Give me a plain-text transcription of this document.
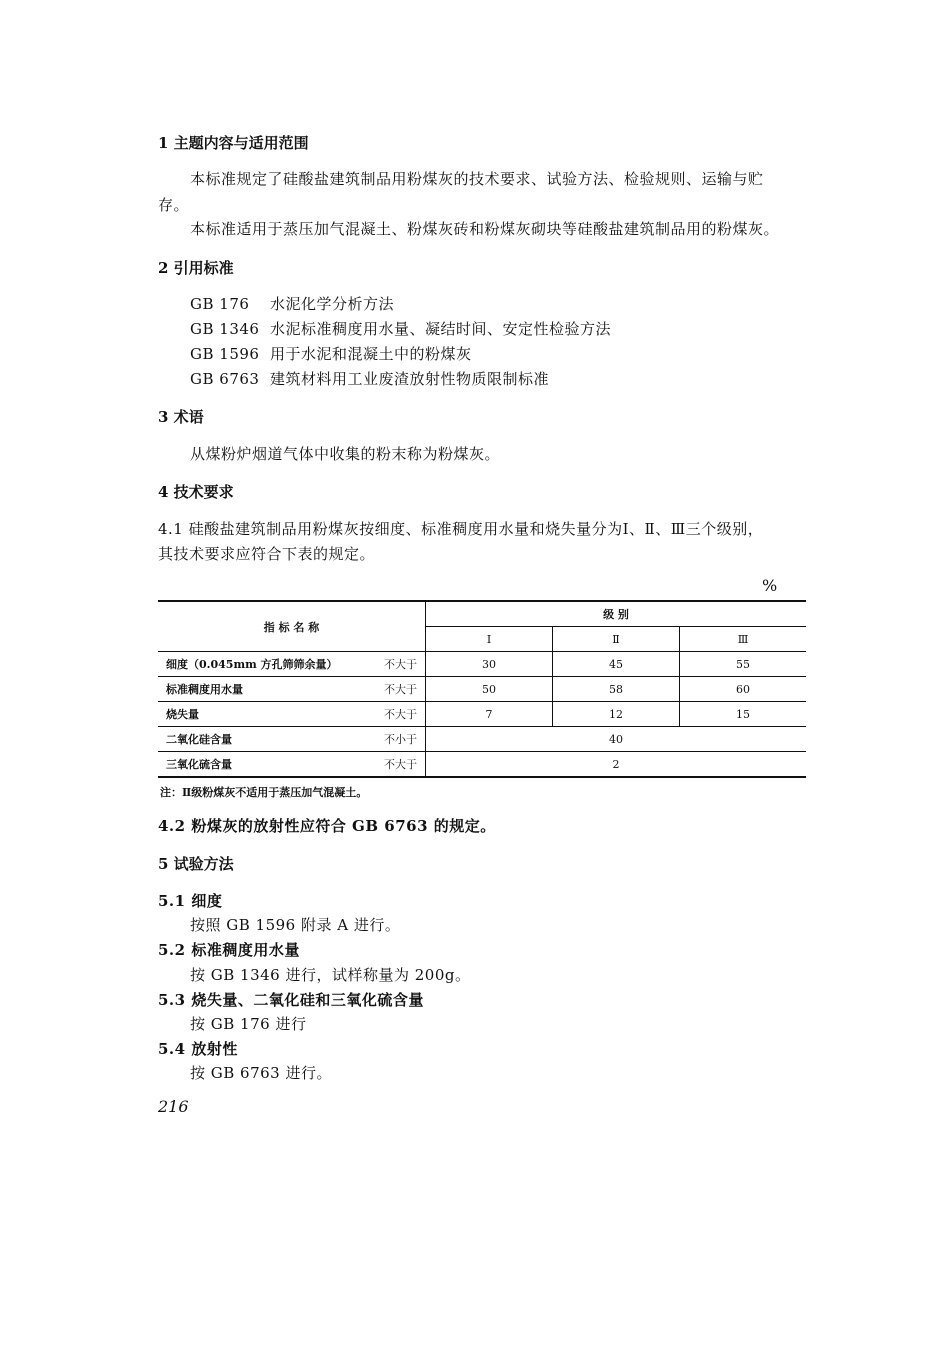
1 主题内容与适用范围
本标准规定了硅酸盐建筑制品用粉煤灰的技术要求、试验方法、检验规则、运输与贮
存。
本标准适用于蒸压加气混凝土、粉煤灰砖和粉煤灰砌块等硅酸盐建筑制品用的粉煤灰。
2 引用标准
GB 176 水泥化学分析方法
GB 1346 水泥标准稠度用水量、凝结时间、安定性检验方法
GB 1596 用于水泥和混凝土中的粉煤灰
GB 6763 建筑材料用工业废渣放射性物质限制标准
3 术语
从煤粉炉烟道气体中收集的粉末称为粉煤灰。
4 技术要求
4.1 硅酸盐建筑制品用粉煤灰按细度、标准稠度用水量和烧失量分为Ⅰ、Ⅱ、Ⅲ三个级别，
其技术要求应符合下表的规定。
%
指 标 名 称		级 别		
		Ⅰ	Ⅱ	Ⅲ
细度（0.045mm 方孔筛筛余量）	不大于	30	45	55
标准稠度用水量	不大于	50	58	60
烧失量	不大于	7	12	15
二氧化硅含量	不小于	40		
三氧化硫含量	不大于	2		
注：Ⅱ级粉煤灰不适用于蒸压加气混凝土。
4.2 粉煤灰的放射性应符合 GB 6763 的规定。
5 试验方法
5.1 细度
按照 GB 1596 附录 A 进行。
5.2 标准稠度用水量
按 GB 1346 进行，试样称量为 200g。
5.3 烧失量、二氧化硅和三氧化硫含量
按 GB 176 进行
5.4 放射性
按 GB 6763 进行。
216
